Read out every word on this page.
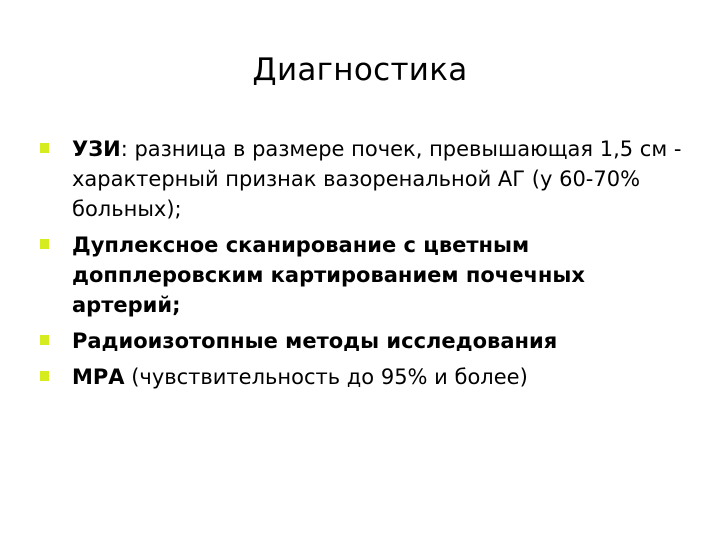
Диагностика
УЗИ: разница в размере почек, превышающая 1,5 см - характерный признак вазоренальной АГ (у 60-70% больных);
Дуплексное сканирование с цветным допплеровским картированием почечных артерий;
Радиоизотопные методы исследования
МРА (чувствительность до 95% и более)
